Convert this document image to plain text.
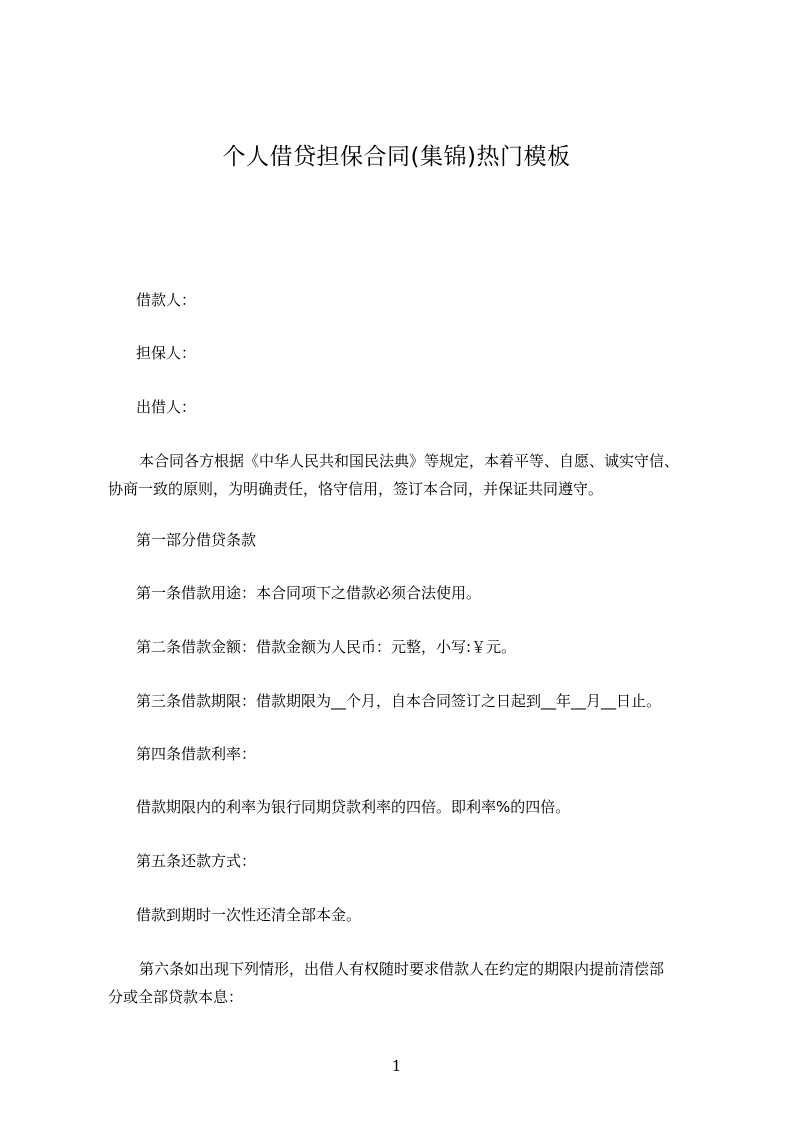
个人借贷担保合同(集锦)热门模板

借款人：

担保人：

出借人：

本合同各方根据《中华人民共和国民法典》等规定，本着平等、自愿、诚实守信、

协商一致的原则，为明确责任，恪守信用，签订本合同，并保证共同遵守。

第一部分借贷条款

第一条借款用途：本合同项下之借款必须合法使用。

第二条借款金额：借款金额为人民币：元整，小写:￥元。

第三条借款期限：借款期限为__个月，自本合同签订之日起到__年__月__日止。

第四条借款利率：

借款期限内的利率为银行同期贷款利率的四倍。即利率%的四倍。

第五条还款方式：

借款到期时一次性还清全部本金。

第六条如出现下列情形，出借人有权随时要求借款人在约定的期限内提前清偿部

分或全部贷款本息：

1
